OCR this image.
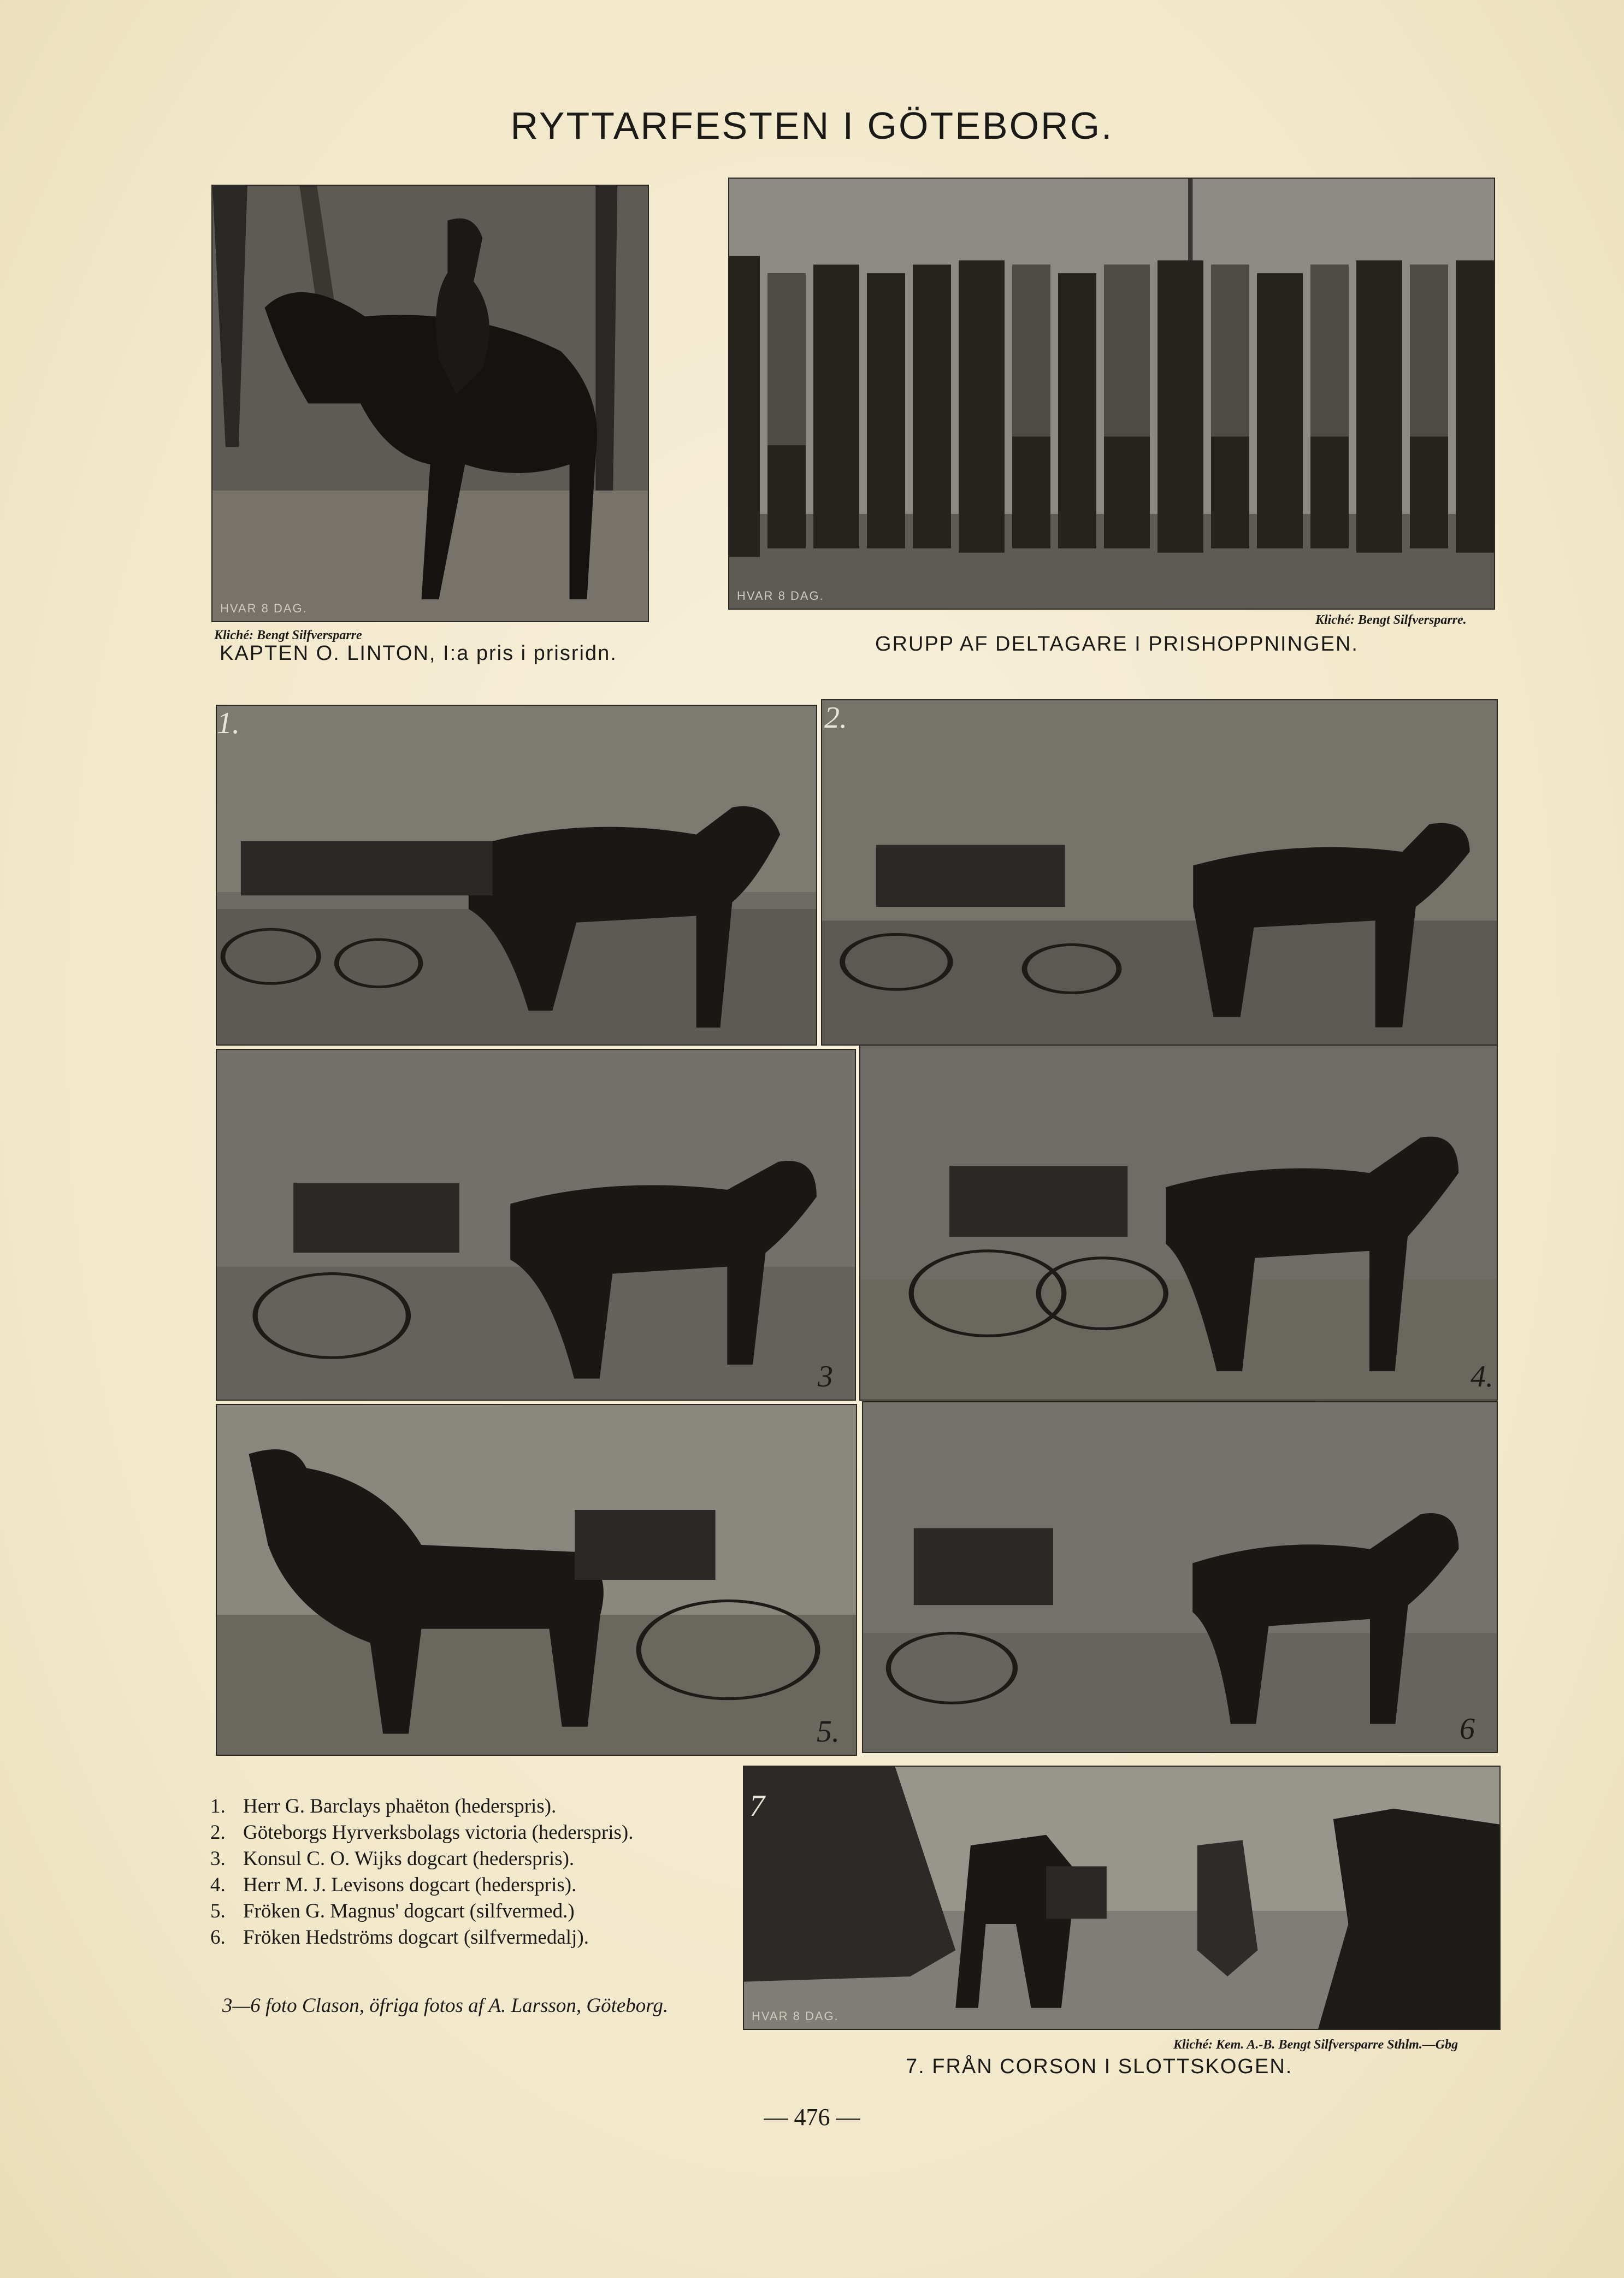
RYTTARFESTEN I GÖTEBORG.
HVAR 8 DAG.
HVAR 8 DAG.
Kliché: Bengt Silfversparre
KAPTEN O. LINTON, I:a pris i prisridn.
Kliché: Bengt Silfversparre.
GRUPP AF DELTAGARE I PRISHOPPNINGEN.
1.	2.
3	4.
5.	6
1. Herr G. Barclays phaëton (hederspris).
2. Göteborgs Hyrverksbolags victoria (hederspris).
3. Konsul C. O. Wijks dogcart (hederspris).
4. Herr M. J. Levisons dogcart (hederspris).
5. Fröken G. Magnus' dogcart (silfvermed.)
6. Fröken Hedströms dogcart (silfvermedalj).
3—6 foto Clason, öfriga fotos af A. Larsson, Göteborg.
7
HVAR 8 DAG.
Kliché: Kem. A.-B. Bengt Silfversparre Sthlm.—Gbg
7. FRÅN CORSON I SLOTTSKOGEN.
— 476 —
